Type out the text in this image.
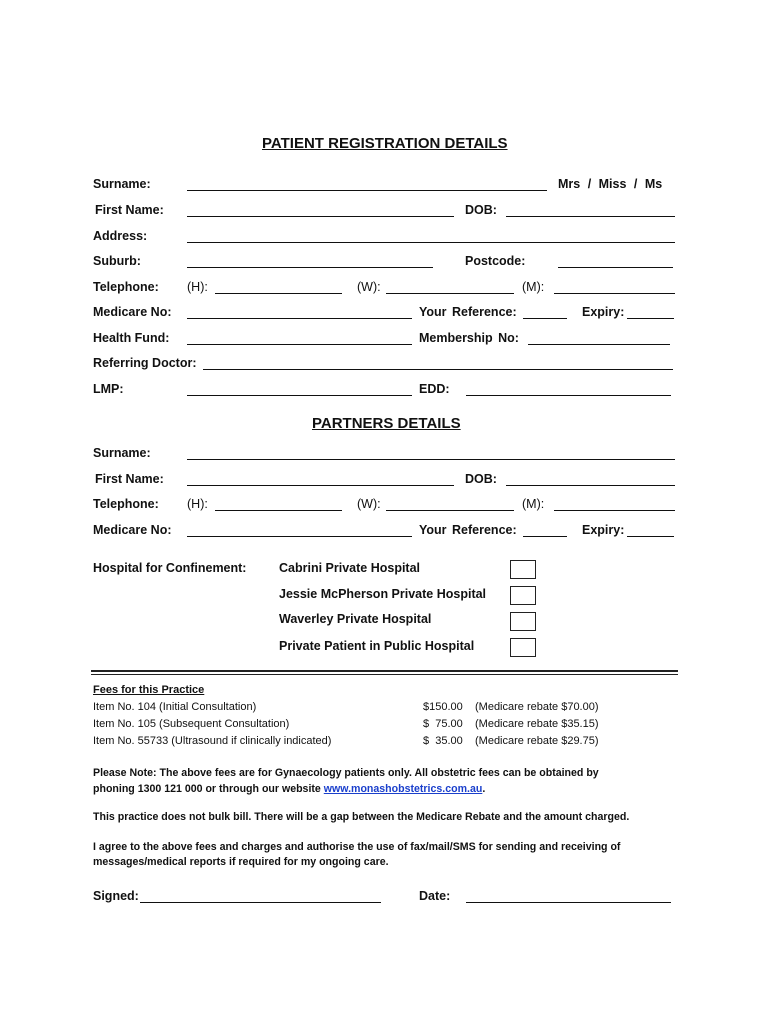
PATIENT REGISTRATION DETAILS
Surname:	Mrs / Miss / Ms
First Name:	DOB:
Address:
Suburb:	Postcode:
Telephone: (H):	(W):	(M):
Medicare No:	Your Reference:	Expiry:
Health Fund:	Membership No:
Referring Doctor:
LMP:	EDD:
PARTNERS DETAILS
Surname:
First Name:	DOB:
Telephone: (H):	(W):	(M):
Medicare No:	Your Reference:	Expiry:
Hospital for Confinement:	Cabrini Private Hospital
Jessie McPherson Private Hospital
Waverley Private Hospital
Private Patient in Public Hospital
Fees for this Practice
Item No. 104 (Initial Consultation)	$150.00 (Medicare rebate $70.00)
Item No. 105 (Subsequent Consultation)	$  75.00 (Medicare rebate $35.15)
Item No. 55733 (Ultrasound if clinically indicated)	$  35.00 (Medicare rebate $29.75)
Please Note: The above fees are for Gynaecology patients only. All obstetric fees can be obtained by
phoning 1300 121 000 or through our website www.monashobstetrics.com.au.
This practice does not bulk bill. There will be a gap between the Medicare Rebate and the amount charged.
I agree to the above fees and charges and authorise the use of fax/mail/SMS for sending and receiving of
messages/medical reports if required for my ongoing care.
Signed:	Date:
